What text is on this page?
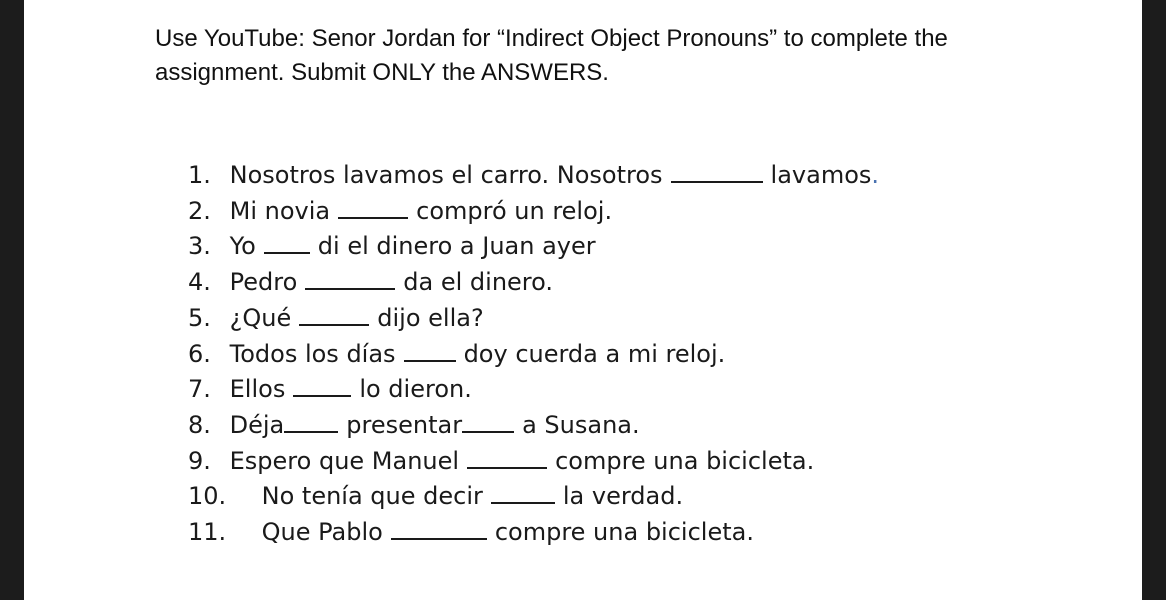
Use YouTube: Senor Jordan for “Indirect Object Pronouns” to complete the
assignment. Submit ONLY the ANSWERS.

1. Nosotros lavamos el carro. Nosotros	lavamos.
2. Mi novia	compró un reloj.
3. Yo	di el dinero a Juan ayer
4. Pedro	da el dinero.
5. ¿Qué	dijo ella?
6. Todos los días	doy cuerda a mi reloj.
7. Ellos	lo dieron.
8. Déja	presentar	a Susana.
9. Espero que Manuel	compre una bicicleta.
10. No tenía que decir	la verdad.
11. Que Pablo	compre una bicicleta.
